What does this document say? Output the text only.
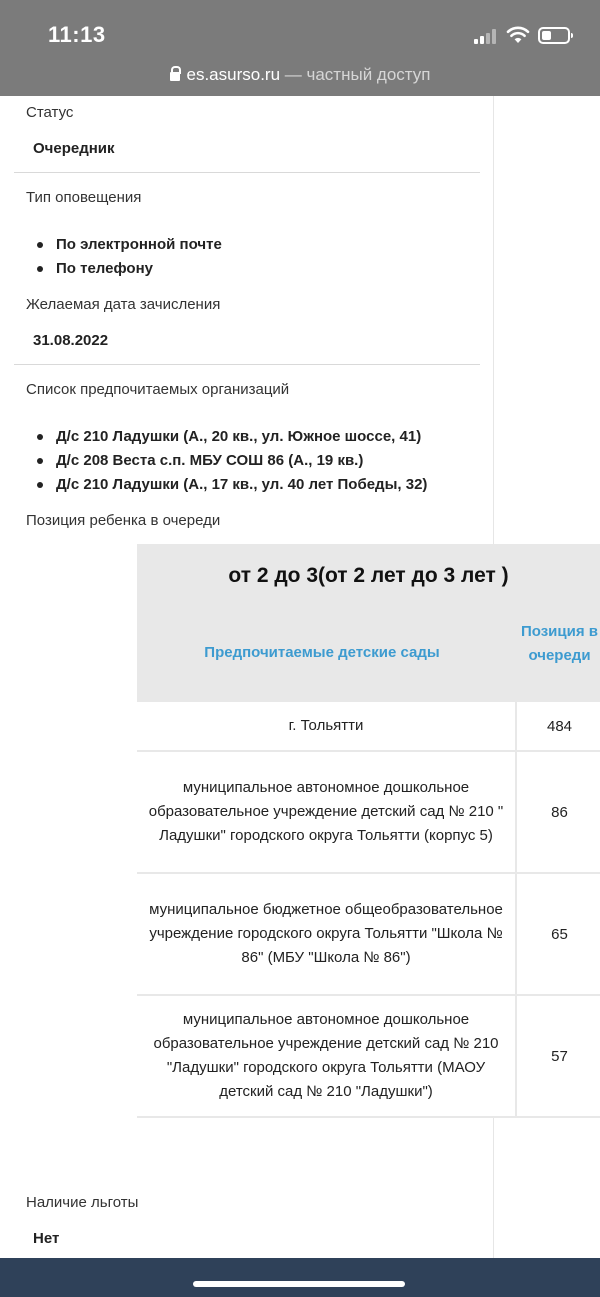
11:13
es.asurso.ru — частный доступ
Статус
Очередник
Тип оповещения
По электронной почте
По телефону
Желаемая дата зачисления
31.08.2022
Список предпочитаемых организаций
Д/с 210 Ладушки (А., 20 кв., ул. Южное шоссе, 41)
Д/с 208 Веста с.п. МБУ СОШ 86 (А., 19 кв.)
Д/с 210 Ладушки (А., 17 кв., ул. 40 лет Победы, 32)
Позиция ребенка в очереди
от 2 до 3(от 2 лет до 3 лет )
Предпочитаемые детские сады
Позиция в очереди
г. Тольятти	484
муниципальное автономное дошкольное образовательное учреждение детский сад № 210 " Ладушки" городского округа Тольятти (корпус 5)
86
муниципальное бюджетное общеобразовательное учреждение городского округа Тольятти "Школа № 86" (МБУ "Школа № 86")
65
муниципальное автономное дошкольное образовательное учреждение детский сад № 210 "Ладушки" городского округа Тольятти (МАОУ детский сад № 210 "Ладушки")
57
Наличие льготы
Нет
